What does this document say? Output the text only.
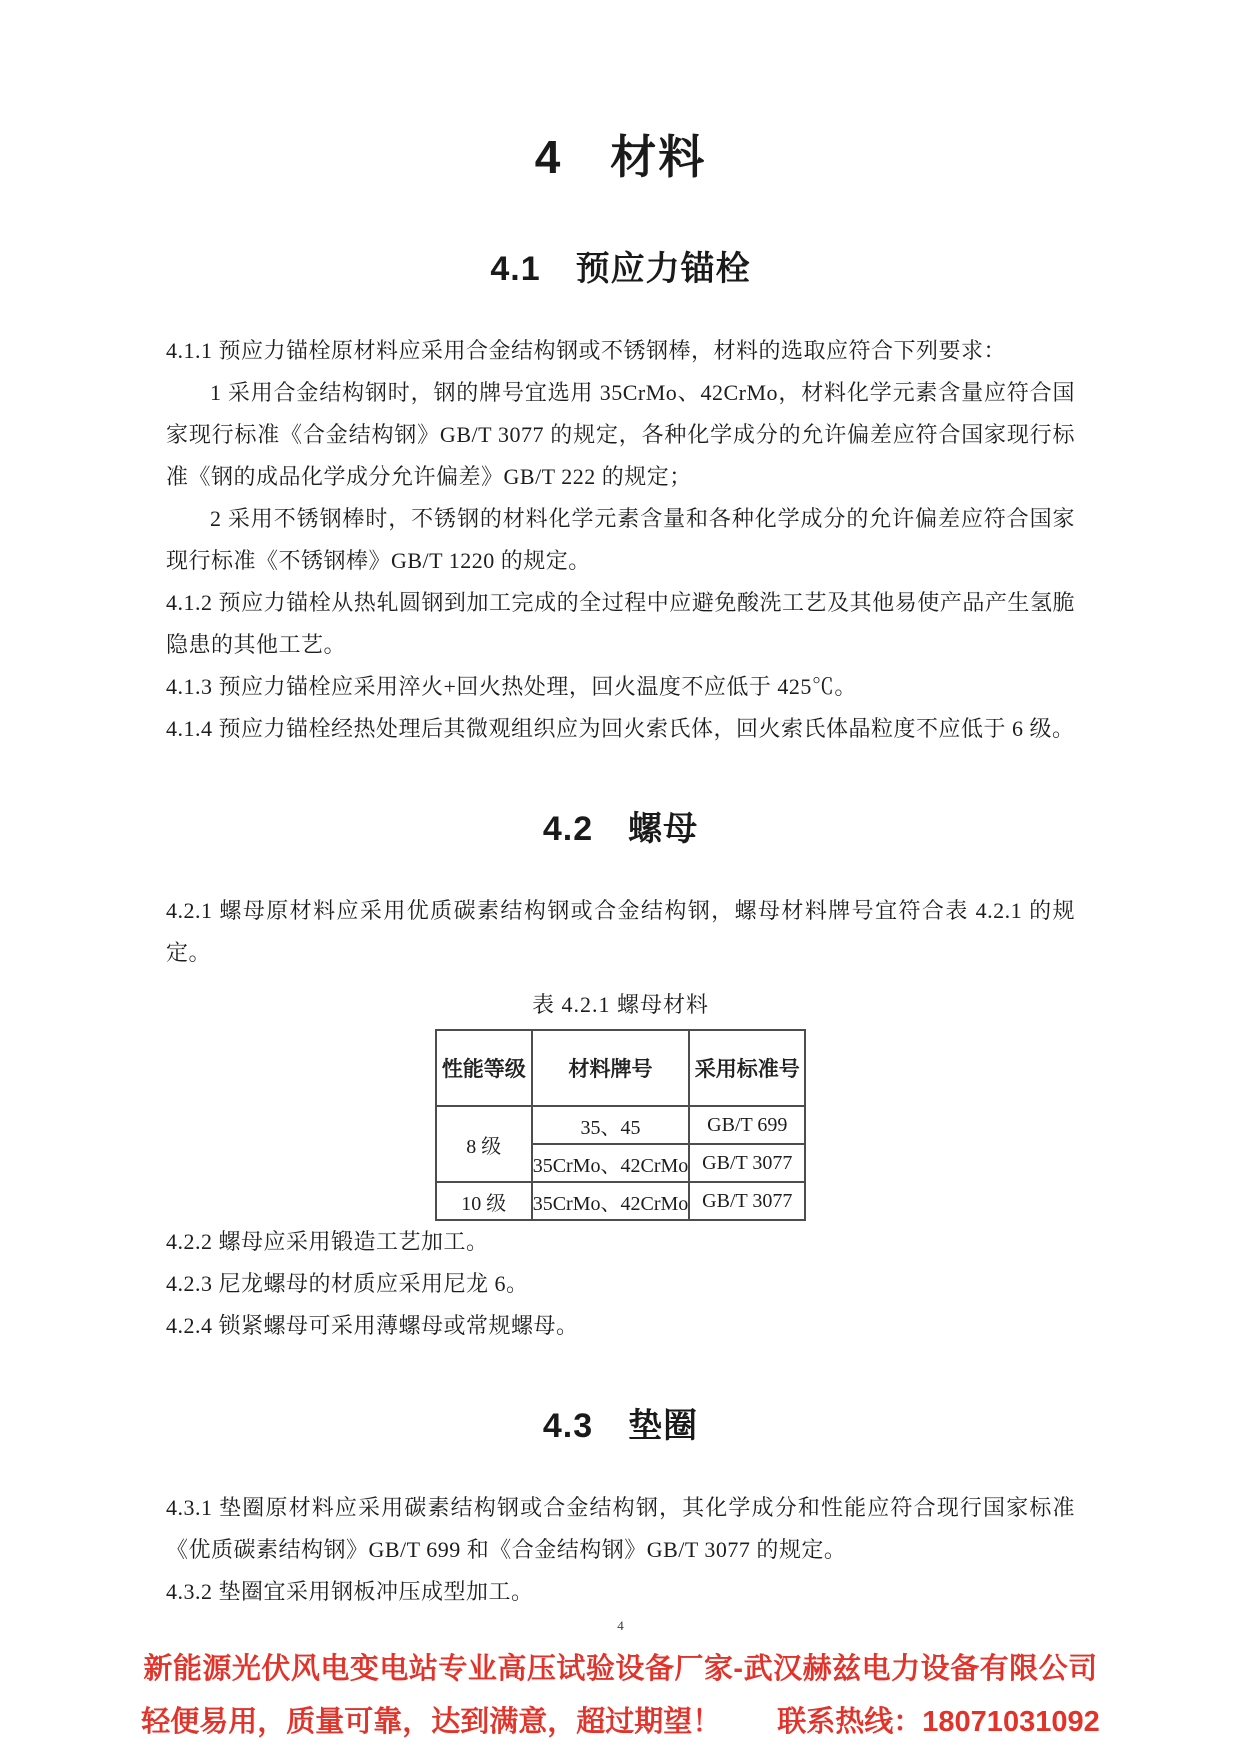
4　材料
4.1　预应力锚栓

4.1.1 预应力锚栓原材料应采用合金结构钢或不锈钢棒，材料的选取应符合下列要求：

1 采用合金结构钢时，钢的牌号宜选用 35CrMo、42CrMo，材料化学元素含量应符合国家现行标准《合金结构钢》GB/T 3077 的规定，各种化学成分的允许偏差应符合国家现行标准《钢的成品化学成分允许偏差》GB/T 222 的规定；

2 采用不锈钢棒时，不锈钢的材料化学元素含量和各种化学成分的允许偏差应符合国家现行标准《不锈钢棒》GB/T 1220 的规定。

4.1.2 预应力锚栓从热轧圆钢到加工完成的全过程中应避免酸洗工艺及其他易使产品产生氢脆隐患的其他工艺。

4.1.3 预应力锚栓应采用淬火+回火热处理，回火温度不应低于 425℃。

4.1.4 预应力锚栓经热处理后其微观组织应为回火索氏体，回火索氏体晶粒度不应低于 6 级。

4.2　螺母

4.2.1 螺母原材料应采用优质碳素结构钢或合金结构钢，螺母材料牌号宜符合表 4.2.1 的规定。

表 4.2.1 螺母材料
性能等级	材料牌号	采用标准号
8 级	35、45	GB/T 699
	35CrMo、42CrMo	GB/T 3077
10 级	35CrMo、42CrMo	GB/T 3077

4.2.2 螺母应采用锻造工艺加工。

4.2.3 尼龙螺母的材质应采用尼龙 6。

4.2.4 锁紧螺母可采用薄螺母或常规螺母。

4.3　垫圈

4.3.1 垫圈原材料应采用碳素结构钢或合金结构钢，其化学成分和性能应符合现行国家标准《优质碳素结构钢》GB/T 699 和《合金结构钢》GB/T 3077 的规定。

4.3.2 垫圈宜采用钢板冲压成型加工。

4
新能源光伏风电变电站专业高压试验设备厂家-武汉赫兹电力设备有限公司
轻便易用，质量可靠，达到满意，超过期望！ 联系热线：18071031092
